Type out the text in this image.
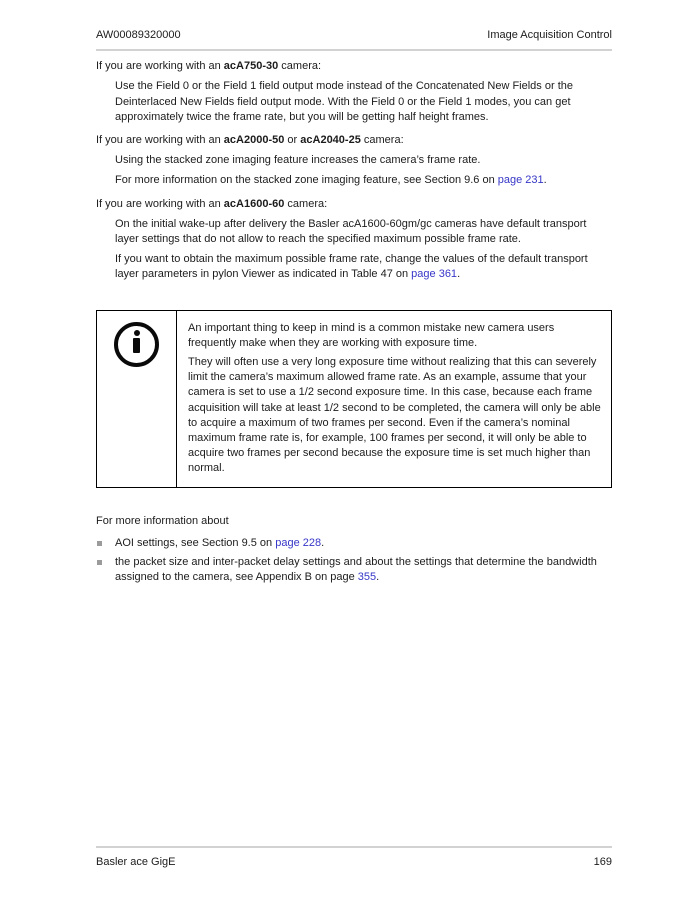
AW00089320000	Image Acquisition Control

If you are working with an acA750-30 camera:

Use the Field 0 or the Field 1 field output mode instead of the Concatenated New Fields or the Deinterlaced New Fields field output mode. With the Field 0 or the Field 1 modes, you can get approximately twice the frame rate, but you will be getting half height frames.

If you are working with an acA2000-50 or acA2040-25 camera:

Using the stacked zone imaging feature increases the camera’s frame rate.

For more information on the stacked zone imaging feature, see Section 9.6 on page 231.

If you are working with an acA1600-60 camera:

On the initial wake-up after delivery the Basler acA1600-60gm/gc cameras have default transport layer settings that do not allow to reach the specified maximum possible frame rate.

If you want to obtain the maximum possible frame rate, change the values of the default transport layer parameters in pylon Viewer as indicated in Table 47 on page 361.

An important thing to keep in mind is a common mistake new camera users frequently make when they are working with exposure time.

They will often use a very long exposure time without realizing that this can severely limit the camera’s maximum allowed frame rate. As an example, assume that your camera is set to use a 1/2 second exposure time. In this case, because each frame acquisition will take at least 1/2 second to be completed, the camera will only be able to acquire a maximum of two frames per second. Even if the camera’s nominal maximum frame rate is, for example, 100 frames per second, it will only be able to acquire two frames per second because the exposure time is set much higher than normal.

For more information about

AOI settings, see Section 9.5 on page 228.
the packet size and inter-packet delay settings and about the settings that determine the bandwidth assigned to the camera, see Appendix B on page 355.
Basler ace GigE	169
